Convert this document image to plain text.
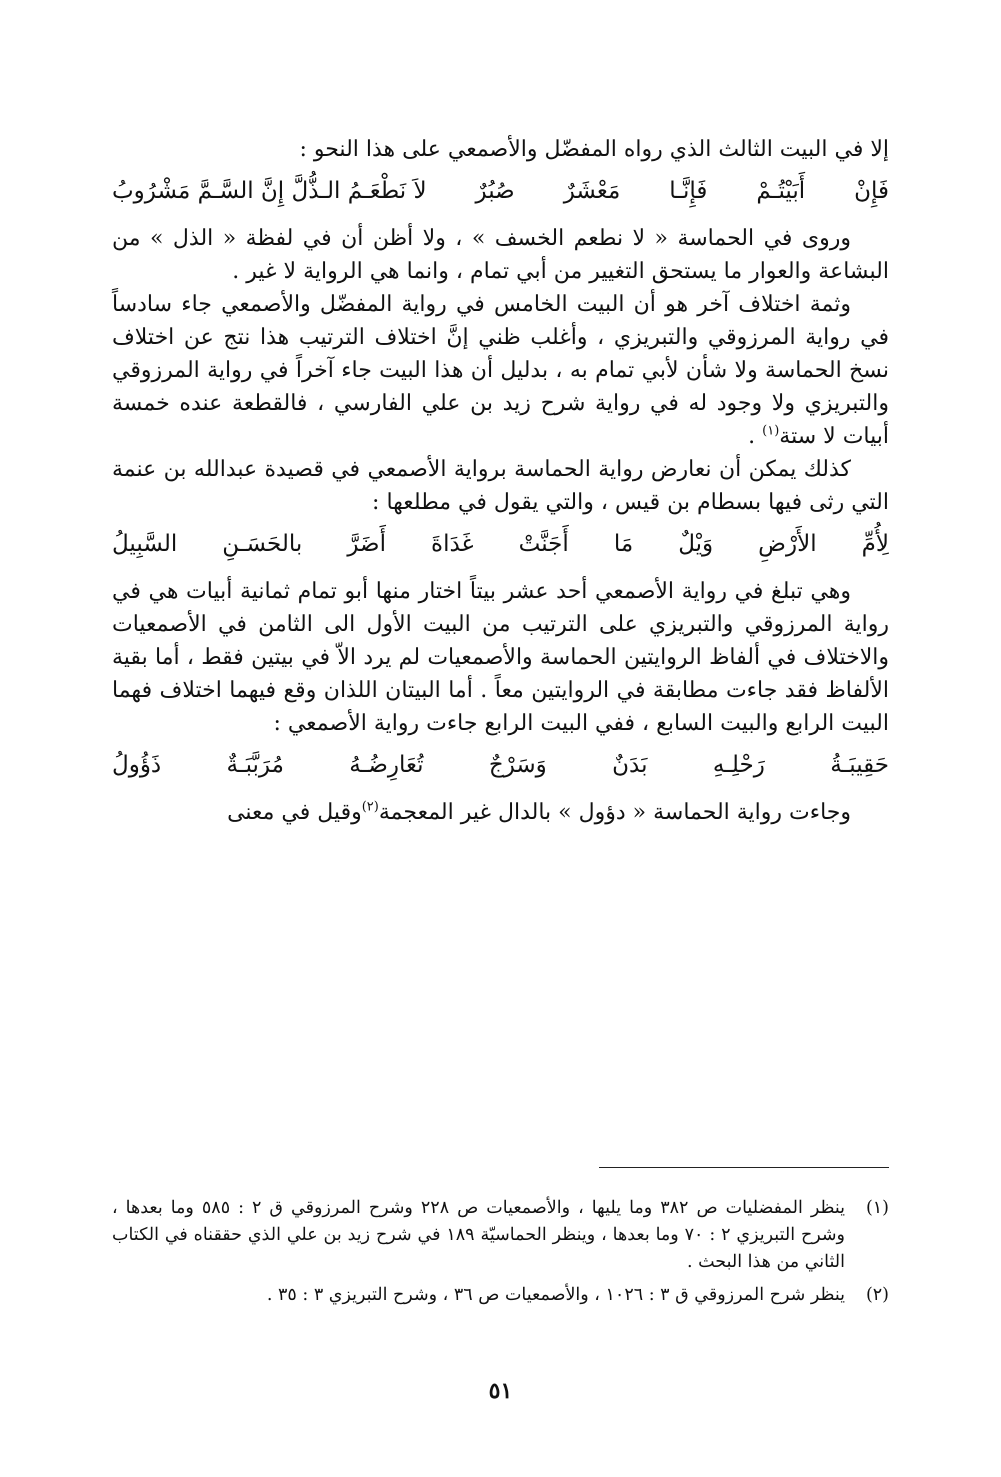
إلا في البيت الثالث الذي رواه المفضّل والأصمعي على هذا النحو :

فَإِنْ
أَبَيْتُـمْ
فَإِنَّـا
مَعْشَرٌ
صُبُرٌ
لاَ نَطْعَـمُ الـذُّلَّ إِنَّ السَّـمَّ مَشْرُوبُ

وروى في الحماسة « لا نطعم الخسف » ، ولا أظن أن في لفظة « الذل » من البشاعة والعوار ما يستحق التغيير من أبي تمام ، وانما هي الرواية لا غير .

وثمة اختلاف آخر هو أن البيت الخامس في رواية المفضّل والأصمعي جاء سادساً في رواية المرزوقي والتبريزي ، وأغلب ظني إنَّ اختلاف الترتيب هذا نتج عن اختلاف نسخ الحماسة ولا شأن لأبي تمام به ، بدليل أن هذا البيت جاء آخراً في رواية المرزوقي والتبريزي ولا وجود له في رواية شرح زيد بن علي الفارسي ، فالقطعة عنده خمسة أبيات لا ستة$^{(١)}$ .

كذلك يمكن أن نعارض رواية الحماسة برواية الأصمعي في قصيدة عبدالله بن عنمة التي رثى فيها بسطام بن قيس ، والتي يقول في مطلعها :

لِأُمِّ
الأَرْضِ
وَيْلٌ
مَا
أَجَنَّتْ
غَدَاةَ
أَضَرَّ
بالحَسَـنِ
السَّبِيلُ

وهي تبلغ في رواية الأصمعي أحد عشر بيتاً اختار منها أبو تمام ثمانية أبيات هي في رواية المرزوقي والتبريزي على الترتيب من البيت الأول الى الثامن في الأصمعيات والاختلاف في ألفاظ الروايتين الحماسة والأصمعيات لم يرد الاّ في بيتين فقط ، أما بقية الألفاظ فقد جاءت مطابقة في الروايتين معاً . أما البيتان اللذان وقع فيهما اختلاف فهما البيت الرابع والبيت السابع ، ففي البيت الرابع جاءت رواية الأصمعي :

حَقِيبَـةُ
رَحْلِـهِ
بَدَنٌ
وَسَرْجٌ
تُعَارِضُـهُ
مُرَبَّبَـةٌ
ذَؤُولُ

وجاءت رواية الحماسة « دؤول » بالدال غير المعجمة$^{(٢)}$وقيل في معنى

(١)
ينظر المفضليات ص ٣٨٢ وما يليها ، والأصمعيات ص ٢٢٨ وشرح المرزوقي ق ٢ : ٥٨٥ وما بعدها ، وشرح التبريزي ٢ : ٧٠ وما بعدها ، وينظر الحماسيّة ١٨٩ في شرح زيد بن علي الذي حققناه في الكتاب الثاني من هذا البحث .
(٢)
ينظر شرح المرزوقي ق ٣ : ١٠٢٦ ، والأصمعيات ص ٣٦ ، وشرح التبريزي ٣ : ٣٥ .
٥١
